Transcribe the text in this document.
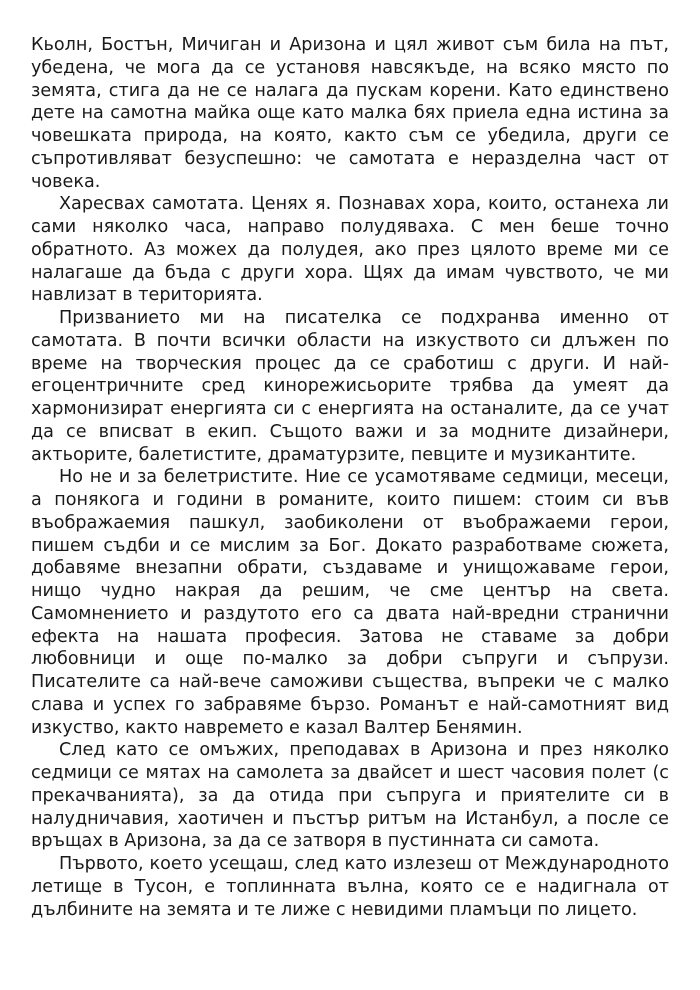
Кьолн, Бостън, Мичиган и Аризона и цял живот съм била на път, убедена, че мога да се установя навсякъде, на всяко място по земята, стига да не се налага да пускам корени. Като единствено дете на самотна майка още като малка бях приела една истина за човешката природа, на която, както съм се убедила, други се съпротивляват безуспешно: че самотата е неразделна част от човека.

Харесвах самотата. Ценях я. Познавах хора, които, останеха ли сами няколко часа, направо полудяваха. С мен беше точно обратното. Аз можех да полудея, ако през цялото време ми се налагаше да бъда с други хора. Щях да имам чувството, че ми навлизат в територията.

Призванието ми на писателка се подхранва именно от самотата. В почти всички области на изкуството си длъжен по време на творческия процес да се сработиш с други. И най-егоцентричните сред кинорежисьорите трябва да умеят да хармонизират енергията си с енергията на останалите, да се учат да се вписват в екип. Същото важи и за модните дизайнери, актьорите, балетистите, драматурзите, певците и музикантите.

Но не и за белетристите. Ние се усамотяваме седмици, месеци, а понякога и години в романите, които пишем: стоим си във въображаемия пашкул, заобиколени от въображаеми герои, пишем съдби и се мислим за Бог. Докато разработваме сюжета, добавяме внезапни обрати, създаваме и унищожаваме герои, нищо чудно накрая да решим, че сме център на света. Самомнението и раздутото его са двата най-вредни странични ефекта на нашата професия. Затова не ставаме за добри любовници и още по-малко за добри съпруги и съпрузи. Писателите са най-вече саможиви същества, въпреки че с малко слава и успех го забравяме бързо. Романът е най-самотният вид изкуство, както навремето е казал Валтер Бенямин.

След като се омъжих, преподавах в Аризона и през няколко седмици се мятах на самолета за двайсет и шест часовия полет (с прекачванията), за да отида при съпруга и приятелите си в налудничавия, хаотичен и пъстър ритъм на Истанбул, а после се връщах в Аризона, за да се затворя в пустинната си самота.

Първото, което усещаш, след като излезеш от Международното летище в Тусон, е топлинната вълна, която се е надигнала от дълбините на земята и те лиже с невидими пламъци по лицето.
